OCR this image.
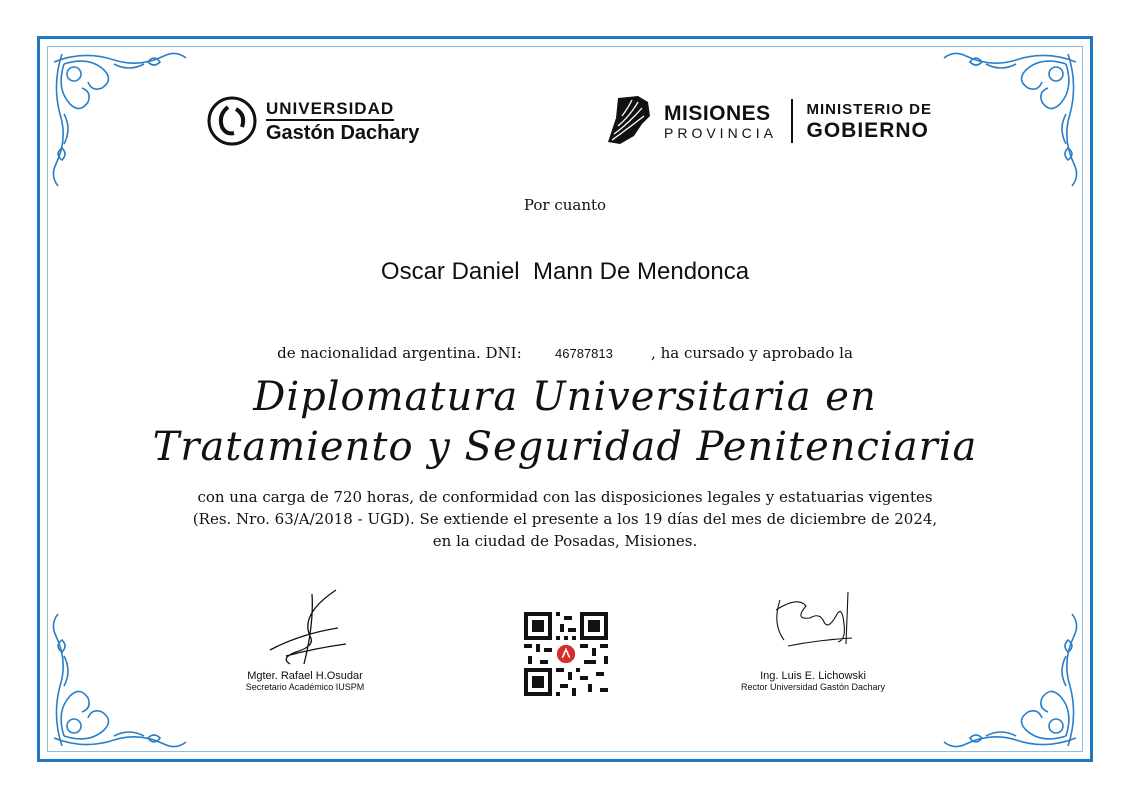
UNIVERSIDAD
Gastón Dachary
MISIONES
PROVINCIA
MINISTERIO DE
GOBIERNO
Por cuanto
Oscar Daniel  Mann De Mendonca
de nacionalidad argentina. DNI:	46787813	, ha cursado y aprobado la
Diplomatura Universitaria en
Tratamiento y Seguridad Penitenciaria
con una carga de 720 horas, de conformidad con las disposiciones legales y estatuarias vigentes
(Res. Nro. 63/A/2018 - UGD). Se extiende el presente a los 19 días del mes de diciembre de 2024,
en la ciudad de Posadas, Misiones.
Mgter. Rafael H.Osudar
Secretario Académico IUSPM
Ing. Luis E. Lichowski
Rector Universidad Gastón Dachary
